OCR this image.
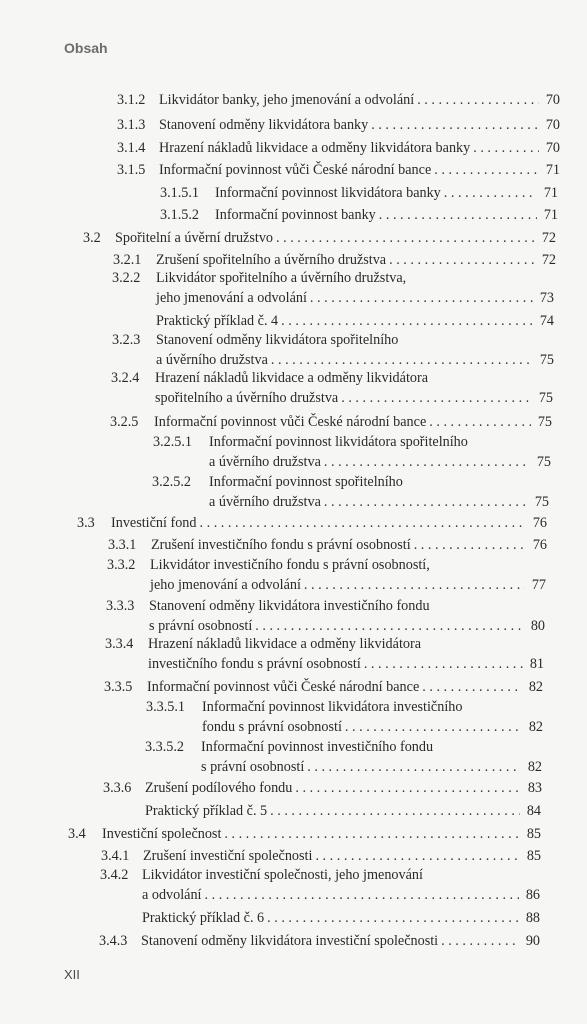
Obsah
3.1.2 Likvidátor banky, jeho jmenování a odvolání . . .	70
3.1.3 Stanovení odměny likvidátora banky . . .	70
3.1.4 Hrazení nákladů likvidace a odměny likvidátora banky . . .	70
3.1.5 Informační povinnost vůči České národní bance . . .	71
3.1.5.1	Informační povinnost likvidátora banky . . .	71
3.1.5.2	Informační povinnost banky . . .	71
3.2	Spořitelní a úvěrní družstvo . . .	72
3.2.1	Zrušení spořitelního a úvěrního družstva . . .	72
3.2.2	Likvidátor spořitelního a úvěrního družstva,
jeho jmenování a odvolání . . .	73
Praktický příklad č. 4 . . .	74
3.2.3	Stanovení odměny likvidátora spořitelního
a úvěrního družstva . . .	75
3.2.4	Hrazení nákladů likvidace a odměny likvidátora
spořitelního a úvěrního družstva . . .	75
3.2.5	Informační povinnost vůči České národní bance . . .	75
3.2.5.1	Informační povinnost likvidátora spořitelního
a úvěrního družstva . . .	75
3.2.5.2	Informační povinnost spořitelního
a úvěrního družstva . . .	75
3.3	Investiční fond . . .	76
3.3.1	Zrušení investičního fondu s právní osobností . . .	76
3.3.2	Likvidátor investičního fondu s právní osobností,
jeho jmenování a odvolání . . .	77
3.3.3	Stanovení odměny likvidátora investičního fondu
s právní osobností . . .	80
3.3.4	Hrazení nákladů likvidace a odměny likvidátora
investičního fondu s právní osobností . . .	81
3.3.5	Informační povinnost vůči České národní bance . . .	82
3.3.5.1	Informační povinnost likvidátora investičního
fondu s právní osobností . . .	82
3.3.5.2	Informační povinnost investičního fondu
s právní osobností . . .	82
3.3.6 Zrušení podílového fondu . . .	83
Praktický příklad č. 5 . . .	84
3.4	Investiční společnost . . .	85
3.4.1 Zrušení investiční společnosti . . .	85
3.4.2 Likvidátor investiční společnosti, jeho jmenování
a odvolání . . .	86
Praktický příklad č. 6 . . .	88
3.4.3 Stanovení odměny likvidátora investiční společnosti . . .	90
XII
